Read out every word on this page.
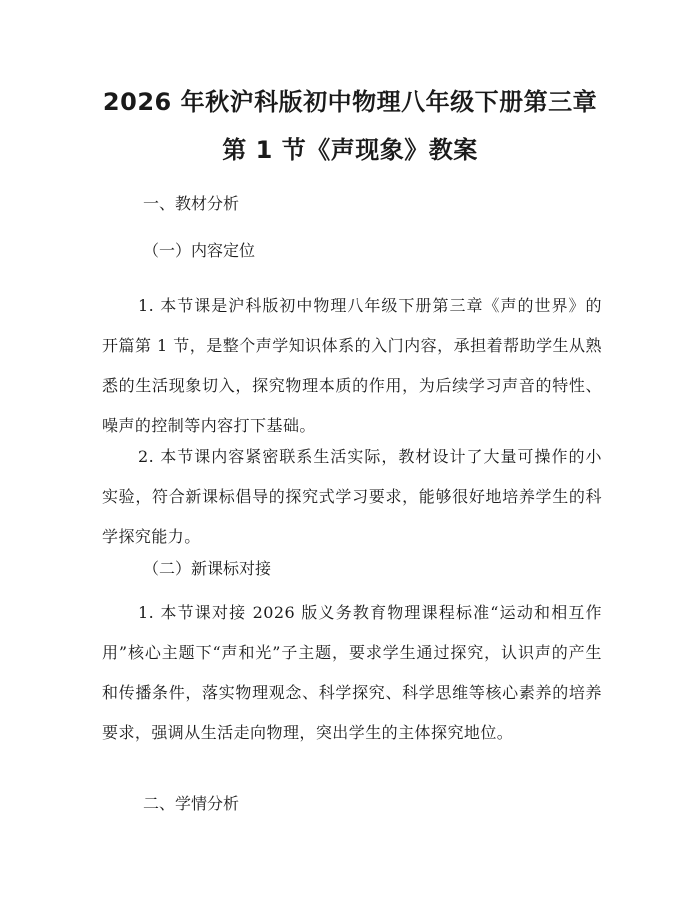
2026 年秋沪科版初中物理八年级下册第三章
第 1 节《声现象》教案
一、教材分析
（一）内容定位
1. 本节课是沪科版初中物理八年级下册第三章《声的世界》的开篇第 1 节，是整个声学知识体系的入门内容，承担着帮助学生从熟悉的生活现象切入，探究物理本质的作用，为后续学习声音的特性、噪声的控制等内容打下基础。
2. 本节课内容紧密联系生活实际，教材设计了大量可操作的小实验，符合新课标倡导的探究式学习要求，能够很好地培养学生的科学探究能力。
（二）新课标对接
1. 本节课对接 2026 版义务教育物理课程标准“运动和相互作用”核心主题下“声和光”子主题，要求学生通过探究，认识声的产生和传播条件，落实物理观念、科学探究、科学思维等核心素养的培养要求，强调从生活走向物理，突出学生的主体探究地位。
二、学情分析
